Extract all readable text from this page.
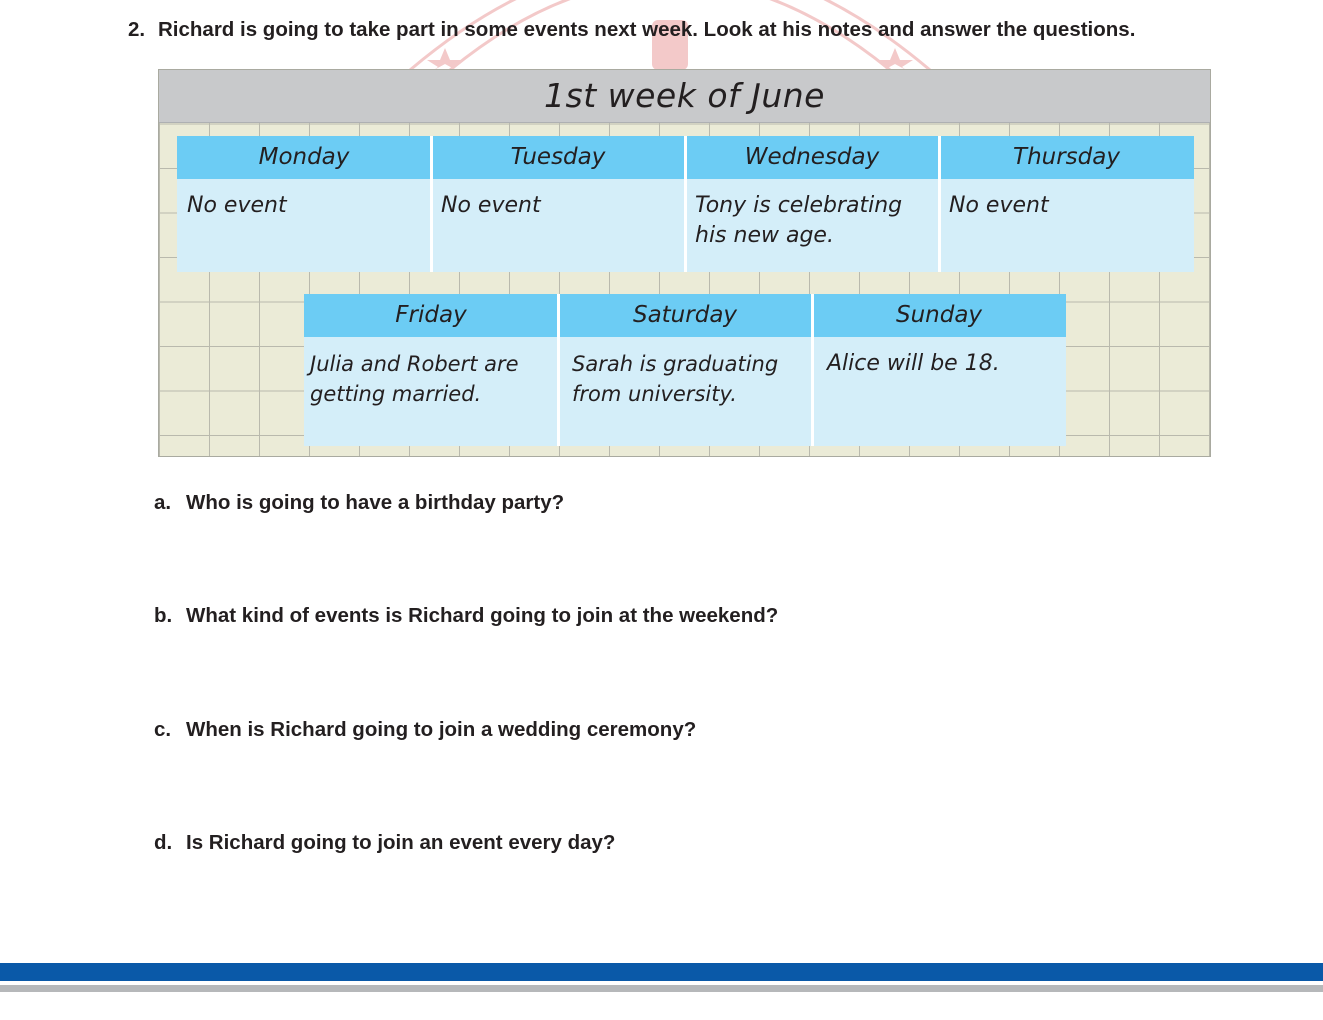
2. Richard is going to take part in some events next week. Look at his notes and answer the questions.
1st week of June
Monday
No event
Tuesday
No event
Wednesday
Tony is celebrating his new age.
Thursday
No event
Friday
Julia and Robert are getting married.
Saturday
Sarah is graduating from university.
Sunday
Alice will be 18.
a. Who is going to have a birthday party?
b. What kind of events is Richard going to join at the weekend?
c. When is Richard going to join a wedding ceremony?
d. Is Richard going to join an event every day?
